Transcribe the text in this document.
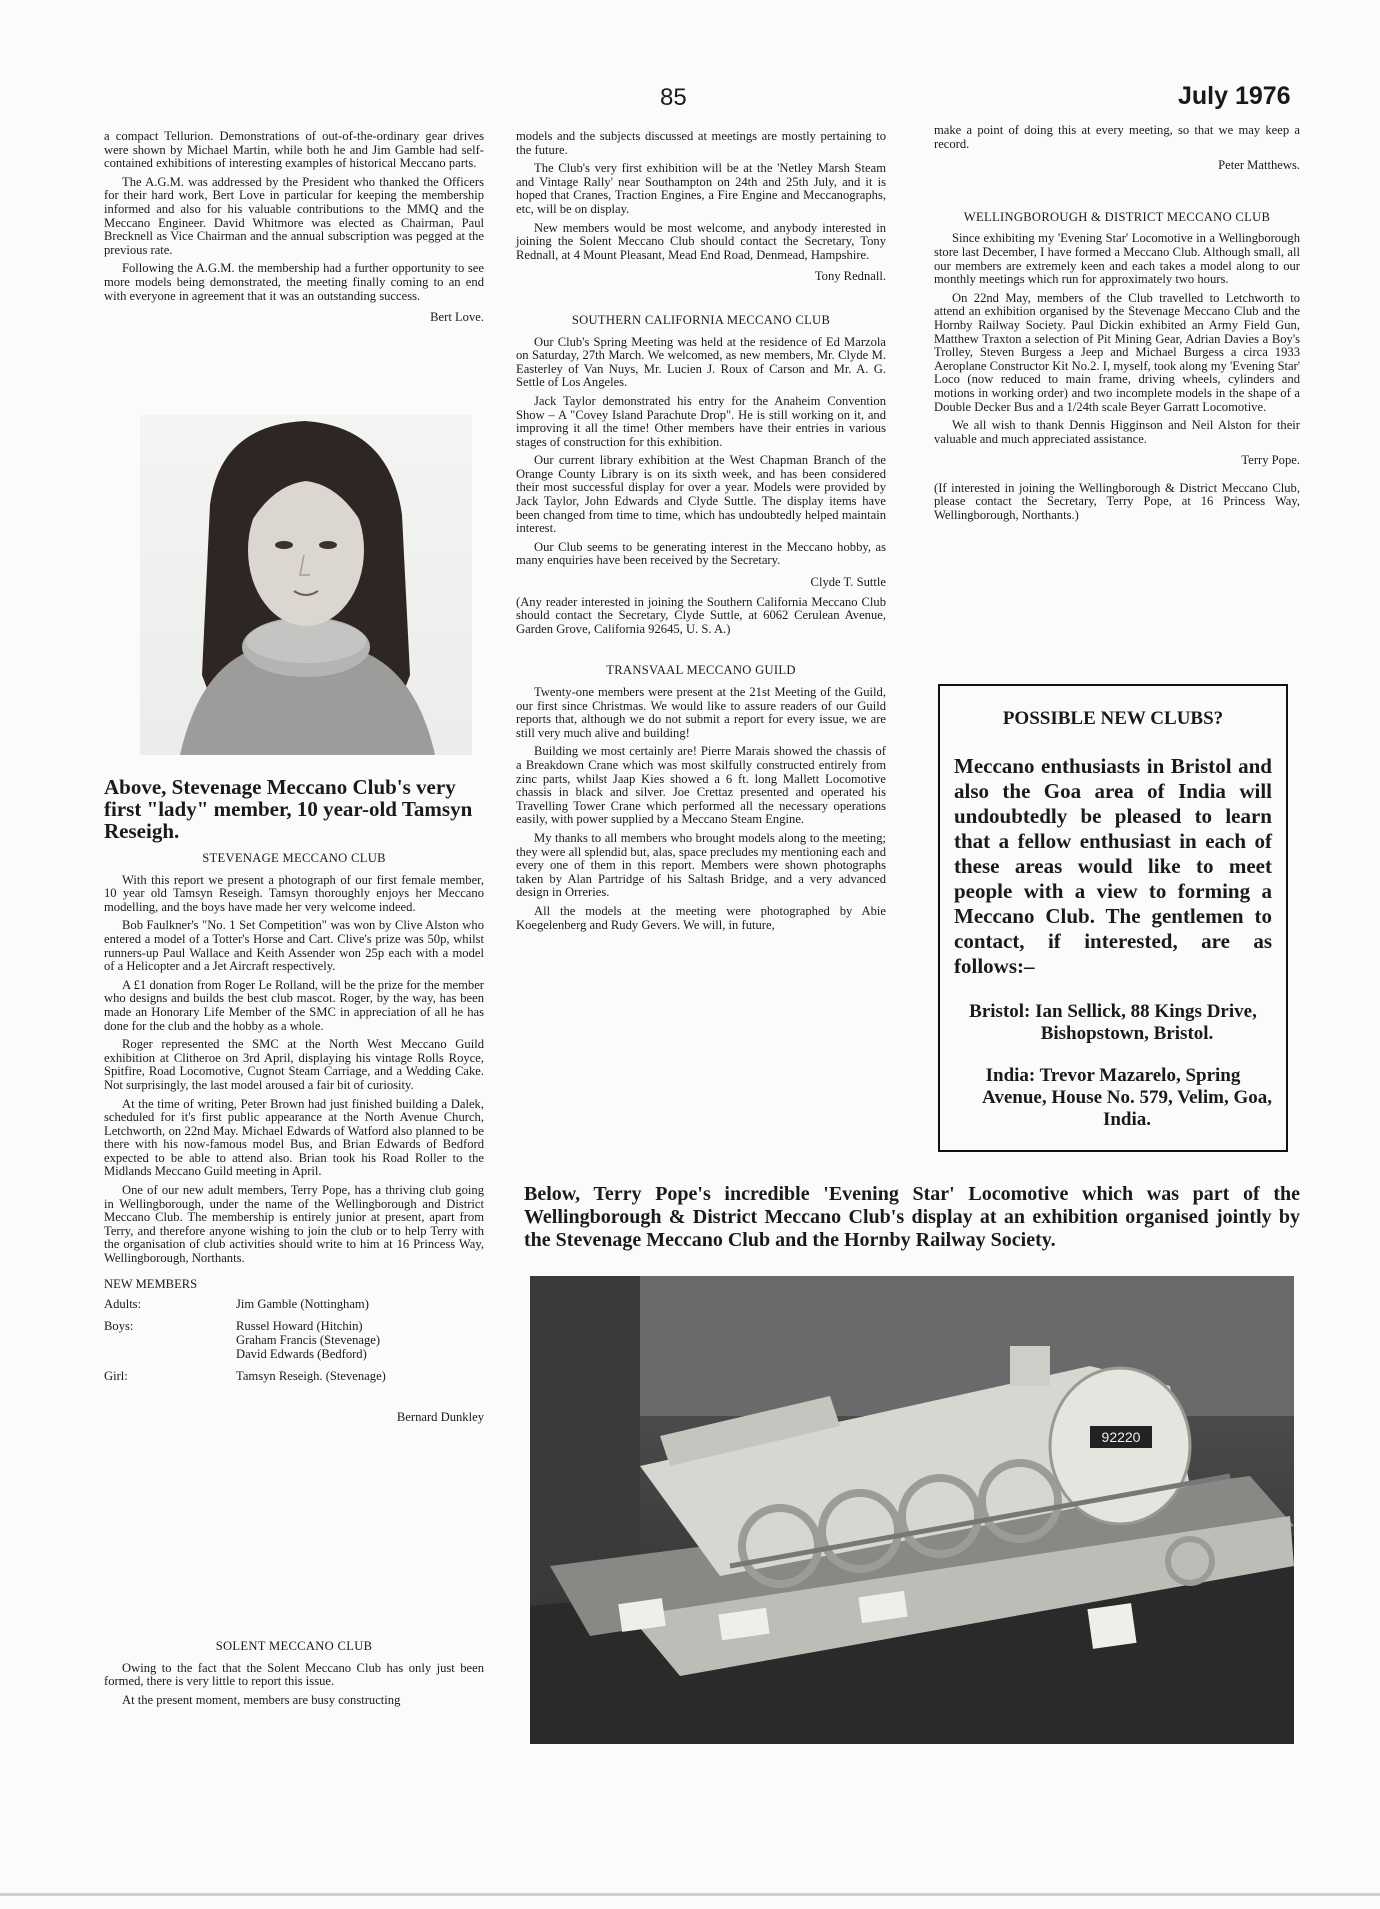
85	July 1976

a compact Tellurion. Demonstrations of out-of-the-ordinary gear drives were shown by Michael Martin, while both he and Jim Gamble had self-contained exhibitions of interesting examples of historical Meccano parts.

The A.G.M. was addressed by the President who thanked the Officers for their hard work, Bert Love in particular for keeping the membership informed and also for his valuable contributions to the MMQ and the Meccano Engineer. David Whitmore was elected as Chairman, Paul Brecknell as Vice Chairman and the annual subscription was pegged at the previous rate.

Following the A.G.M. the membership had a further opportunity to see more models being demonstrated, the meeting finally coming to an end with everyone in agreement that it was an outstanding success.

Bert Love.

Above, Stevenage Meccano Club's very first "lady" member, 10 year-old Tamsyn Reseigh.

STEVENAGE MECCANO CLUB

With this report we present a photograph of our first female member, 10 year old Tamsyn Reseigh. Tamsyn thoroughly enjoys her Meccano modelling, and the boys have made her very welcome indeed.

Bob Faulkner's "No. 1 Set Competition" was won by Clive Alston who entered a model of a Totter's Horse and Cart. Clive's prize was 50p, whilst runners-up Paul Wallace and Keith Assender won 25p each with a model of a Helicopter and a Jet Aircraft respectively.

A £1 donation from Roger Le Rolland, will be the prize for the member who designs and builds the best club mascot. Roger, by the way, has been made an Honorary Life Member of the SMC in appreciation of all he has done for the club and the hobby as a whole.

Roger represented the SMC at the North West Meccano Guild exhibition at Clitheroe on 3rd April, displaying his vintage Rolls Royce, Spitfire, Road Locomotive, Cugnot Steam Carriage, and a Wedding Cake. Not surprisingly, the last model aroused a fair bit of curiosity.

At the time of writing, Peter Brown had just finished building a Dalek, scheduled for it's first public appearance at the North Avenue Church, Letchworth, on 22nd May. Michael Edwards of Watford also planned to be there with his now-famous model Bus, and Brian Edwards of Bedford expected to be able to attend also. Brian took his Road Roller to the Midlands Meccano Guild meeting in April.

One of our new adult members, Terry Pope, has a thriving club going in Wellingborough, under the name of the Wellingborough and District Meccano Club. The membership is entirely junior at present, apart from Terry, and therefore anyone wishing to join the club or to help Terry with the organisation of club activities should write to him at 16 Princess Way, Wellingborough, Northants.

NEW MEMBERS
Adults:	Jim Gamble (Nottingham)

Boys:	Russel Howard (Hitchin)
Graham Francis (Stevenage)
David Edwards (Bedford)

Girl:	Tamsyn Reseigh. (Stevenage)
Bernard Dunkley
SOLENT MECCANO CLUB

Owing to the fact that the Solent Meccano Club has only just been formed, there is very little to report this issue.

At the present moment, members are busy constructing

models and the subjects discussed at meetings are mostly pertaining to the future.

The Club's very first exhibition will be at the 'Netley Marsh Steam and Vintage Rally' near Southampton on 24th and 25th July, and it is hoped that Cranes, Traction Engines, a Fire Engine and Meccanographs, etc, will be on display.

New members would be most welcome, and anybody interested in joining the Solent Meccano Club should contact the Secretary, Tony Rednall, at 4 Mount Pleasant, Mead End Road, Denmead, Hampshire.

Tony Rednall.
SOUTHERN CALIFORNIA MECCANO CLUB

Our Club's Spring Meeting was held at the residence of Ed Marzola on Saturday, 27th March. We welcomed, as new members, Mr. Clyde M. Easterley of Van Nuys, Mr. Lucien J. Roux of Carson and Mr. A. G. Settle of Los Angeles.

Jack Taylor demonstrated his entry for the Anaheim Convention Show – A "Covey Island Parachute Drop". He is still working on it, and improving it all the time! Other members have their entries in various stages of construction for this exhibition.

Our current library exhibition at the West Chapman Branch of the Orange County Library is on its sixth week, and has been considered their most successful display for over a year. Models were provided by Jack Taylor, John Edwards and Clyde Suttle. The display items have been changed from time to time, which has undoubtedly helped maintain interest.

Our Club seems to be generating interest in the Meccano hobby, as many enquiries have been received by the Secretary.

Clyde T. Suttle

(Any reader interested in joining the Southern California Meccano Club should contact the Secretary, Clyde Suttle, at 6062 Cerulean Avenue, Garden Grove, California 92645, U. S. A.)

TRANSVAAL MECCANO GUILD

Twenty-one members were present at the 21st Meeting of the Guild, our first since Christmas. We would like to assure readers of our Guild reports that, although we do not submit a report for every issue, we are still very much alive and building!

Building we most certainly are! Pierre Marais showed the chassis of a Breakdown Crane which was most skilfully constructed entirely from zinc parts, whilst Jaap Kies showed a 6 ft. long Mallett Locomotive chassis in black and silver. Joe Crettaz presented and operated his Travelling Tower Crane which performed all the necessary operations easily, with power supplied by a Meccano Steam Engine.

My thanks to all members who brought models along to the meeting; they were all splendid but, alas, space precludes my mentioning each and every one of them in this report. Members were shown photographs taken by Alan Partridge of his Saltash Bridge, and a very advanced design in Orreries.

All the models at the meeting were photographed by Abie Koegelenberg and Rudy Gevers. We will, in future,

make a point of doing this at every meeting, so that we may keep a record.

Peter Matthews.
WELLINGBOROUGH & DISTRICT MECCANO CLUB

Since exhibiting my 'Evening Star' Locomotive in a Wellingborough store last December, I have formed a Meccano Club. Although small, all our members are extremely keen and each takes a model along to our monthly meetings which run for approximately two hours.

On 22nd May, members of the Club travelled to Letchworth to attend an exhibition organised by the Stevenage Meccano Club and the Hornby Railway Society. Paul Dickin exhibited an Army Field Gun, Matthew Traxton a selection of Pit Mining Gear, Adrian Davies a Boy's Trolley, Steven Burgess a Jeep and Michael Burgess a circa 1933 Aeroplane Constructor Kit No.2. I, myself, took along my 'Evening Star' Loco (now reduced to main frame, driving wheels, cylinders and motions in working order) and two incomplete models in the shape of a Double Decker Bus and a 1/24th scale Beyer Garratt Locomotive.

We all wish to thank Dennis Higginson and Neil Alston for their valuable and much appreciated assistance.

Terry Pope.

(If interested in joining the Wellingborough & District Meccano Club, please contact the Secretary, Terry Pope, at 16 Princess Way, Wellingborough, Northants.)

POSSIBLE NEW CLUBS?

Meccano enthusiasts in Bristol and also the Goa area of India will undoubtedly be pleased to learn that a fellow enthusiast in each of these areas would like to meet people with a view to forming a Meccano Club. The gentlemen to contact, if interested, are as follows:–

Bristol: Ian Sellick, 88 Kings Drive, Bishopstown, Bristol.

India: Trevor Mazarelo, Spring Avenue, House No. 579, Velim, Goa, India.

Below, Terry Pope's incredible 'Evening Star' Locomotive which was part of the Wellingborough & District Meccano Club's display at an exhibition organised jointly by the Stevenage Meccano Club and the Hornby Railway Society.
92220
